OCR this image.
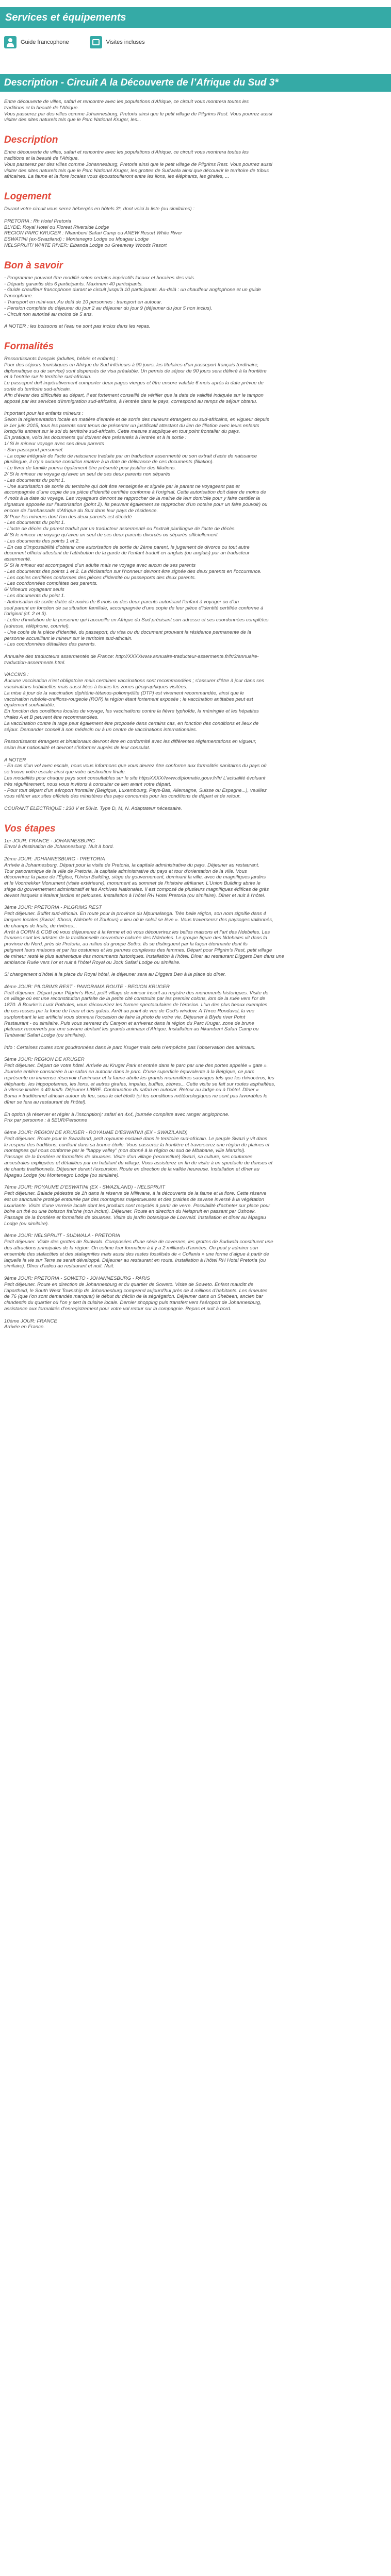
Services et équipements
Guide francophone	Visites incluses
Description - Circuit A la Découverte de l’Afrique du Sud 3*
Entre découverte de villes, safari et rencontre avec les populations d’Afrique, ce circuit vous montrera toutes les
traditions et la beauté de l’Afrique.
Vous passerez par des villes comme Johannesburg, Pretoria ainsi que le petit village de Pilgrims Rest. Vous pourrez aussi
visiter des sites naturels tels que le Parc National Kruger, les...
Description
Entre découverte de villes, safari et rencontre avec les populations d’Afrique, ce circuit vous montrera toutes les
traditions et la beauté de l’Afrique.
Vous passerez par des villes comme Johannesburg, Pretoria ainsi que le petit village de Pilgrims Rest. Vous pourrez aussi
visiter des sites naturels tels que le Parc National Kruger, les grottes de Sudwala ainsi que découvrir le territoire de tribus
africaines. La faune et la flore locales vous époustoufleront entre les lions, les éléphants, les girafes, ...
Logement
Durant votre circuit vous serez hébergés en hôtels 3*, dont voici la liste (ou similaires) :

PRETORIA : Rh Hotel Pretoria
BLYDE: Royal Hotel ou Floreat Riverside Lodge
REGION PARC KRUGER : Nkambeni Safari Camp ou ANEW Resort White River
ESWATINI (ex-Swaziland) : Montenegro Lodge ou Mpagau Lodge
NELSPRUIT/ WHITE RIVER: Elbanda Lodge ou Greenway Woods Resort
Bon à savoir
- Programme pouvant être modifié selon certains impératifs locaux et horaires des vols.
- Départs garantis dès 6 participants. Maximum 40 participants.
- Guide chauffeur francophone durant le circuit jusqu'à 10 participants. Au-delà : un chauffeur anglophone et un guide
francophone.
- Transport en mini-van. Au delà de 10 personnes : transport en autocar.
- Pension complète du déjeuner du jour 2 au déjeuner du jour 9 (déjeuner du jour 5 non inclus).
- Circuit non autorisé au moins de 5 ans.

A NOTER : les boissons et l'eau ne sont pas inclus dans les repas.
Formalités
Ressortissants français (adultes, bébés et enfants) :
Pour des séjours touristiques en Afrique du Sud inférieurs à 90 jours, les titulaires d’un passeport français (ordinaire,
diplomatique ou de service) sont dispensés de visa préalable. Un permis de séjour de 90 jours sera délivré à la frontière
et à l’entrée sur le territoire sud-africain.
Le passeport doit impérativement comporter deux pages vierges et être encore valable 6 mois après la date prévue de
sortie du territoire sud-africain.
Afin d’éviter des difficultés au départ, il est fortement conseillé de vérifier que la date de validité indiquée sur le tampon
apposé par les services d'immigration sud-africains, à l’entrée dans le pays, correspond au temps de séjour obtenu.

Important pour les enfants mineurs :
Selon la réglementation locale en matière d’entrée et de sortie des mineurs étrangers ou sud-africains, en vigueur depuis
le 1er juin 2015, tous les parents sont tenus de présenter un justificatif attestant du lien de filiation avec leurs enfants
lorsqu’ils entrent sur le sol du territoire sud-africain. Cette mesure s’applique en tout point frontalier du pays.
En pratique, voici les documents qui doivent être présentés à l’entrée et à la sortie :
1/ Si le mineur voyage avec ses deux parents
- Son passeport personnel.
- La copie intégrale de l’acte de naissance traduite par un traducteur assermenté ou son extrait d’acte de naissance
plurilingue, il n’y a aucune condition relative à la date de délivrance de ces documents (filiation).
- Le livret de famille pourra également être présenté pour justifier des filiations.
2/ Si le mineur ne voyage qu’avec un seul de ses deux parents non séparés
- Les documents du point 1.
- Une autorisation de sortie du territoire qui doit être renseignée et signée par le parent ne voyageant pas et
accompagnée d’une copie de sa pièce d’identité certifiée conforme à l’original. Cette autorisation doit dater de moins de
4 mois à la date du voyage. Les voyageurs devront se rapprocher de la mairie de leur domicile pour y faire certifier la
signature apposée sur l’autorisation (point 2). Ils peuvent également se rapprocher d’un notaire pour un faire pouvoir) ou
encore de l’ambassade d’Afrique du Sud dans leur pays de résidence.
3/ Pour les mineurs dont l’un des deux parents est décédé
- Les documents du point 1.
- L’acte de décès du parent traduit par un traducteur assermenté ou l’extrait plurilingue de l’acte de décès.
4/ Si le mineur ne voyage qu’avec un seul de ses deux parents divorcés ou séparés officiellement
- Les documents des points 1 et 2.
- En cas d’impossibilité d’obtenir une autorisation de sortie du 2ème parent, le jugement de divorce ou tout autre
document officiel attestant de l’attribution de la garde de l’enfant traduit en anglais (ou anglais) par un traducteur
assermenté.
5/ Si le mineur est accompagné d’un adulte mais ne voyage avec aucun de ses parents
- Les documents des points 1 et 2. La déclaration sur l’honneur devront être signée des deux parents en l’occurrence.
- Les copies certifiées conformes des pièces d’identité ou passeports des deux parents.
- Les coordonnées complètes des parents.
6/ Mineurs voyageant seuls
- Les documents du point 1.
- Autorisation de sortie datée de moins de 6 mois ou des deux parents autorisant l’enfant à voyager ou d’un
seul parent en fonction de sa situation familiale, accompagnée d’une copie de leur pièce d’identité certifiée conforme à
l’original (cf. 2 et 3).
- Lettre d’invitation de la personne qui l’accueille en Afrique du Sud précisant son adresse et ses coordonnées complètes
(adresse, téléphone, courriel).
- Une copie de la pièce d’identité, du passeport, du visa ou du document prouvant la résidence permanente de la
personne accueillant le mineur sur le territoire sud-africain.
- Les coordonnées détaillées des parents.

Annuaire des traducteurs assermentés de France: http://XXXXwww.annuaire-traducteur-assermente.fr/fr/3/annuaire-
traduction-assermente.html.

VACCINS :
Aucune vaccination n’est obligatoire mais certaines vaccinations sont recommandées ; s’assurer d’être à jour dans ses
vaccinations habituelles mais aussi liées à toutes les zones géographiques visitées.
La mise à jour de la vaccination diphtérie-tétanos-poliomyélite (DTP) est vivement recommandée, ainsi que le
vaccination rubéole-oreillons-rougeole (ROR) la région étant fortement exposée ; le vaccination antitabes peut est
également souhaitable.
En fonction des conditions locales de voyage, les vaccinations contre la fièvre typhoïde, la méningite et les hépatites
virales A et B peuvent être recommandées.
La vaccination contre la rage peut également être proposée dans certains cas, en fonction des conditions et lieux de
séjour. Demander conseil à son médecin ou à un centre de vaccinations internationales.

Ressortissants étrangers et binationaux devront être en conformité avec les différentes réglementations en vigueur,
selon leur nationalité et devront s’informer auprès de leur consulat.

A NOTER
- En cas d’un vol avec escale, nous vous informons que vous devrez être conforme aux formalités sanitaires du pays où
se trouve votre escale ainsi que votre destination finale.
Les modalités pour chaque pays sont consultables sur le site httpsXXXX//www.diplomatie.gouv.fr/fr/ L’actualité évoluant
très régulièrement, nous vous invitons à consulter ce lien avant votre départ.
- Pour tout départ d’un aéroport frontalier (Belgique, Luxembourg, Pays-Bas, Allemagne, Suisse ou Espagne...), veuillez
vous référer aux sites officiels des ministères des pays concernés pour les conditions de départ et de retour.

COURANT ELECTRIQUE : 230 V et 50Hz. Type D, M, N. Adaptateur nécessaire.
Vos étapes
1er JOUR: FRANCE - JOHANNESBURG
Envol à destination de Johannesburg. Nuit à bord.

2ème JOUR: JOHANNESBURG - PRETORIA
Arrivée à Johannesburg. Départ pour la visite de Pretoria, la capitale administrative du pays. Déjeuner au restaurant.
Tour panoramique de la ville de Pretoria, la capitale administrative du pays et tour d’orientation de la ville. Vous
découvrirez la place de l’Église, l’Union Building, siège du gouvernement, dominant la ville, avec de magnifiques jardins
et le Voortrekker Monument (visite extérieure), monument au sommet de l’histoire afrikaner. L’Union Building abrite le
siège du gouvernement administratif et les Archives Nationales. Il est composé de plusieurs magnifiques édifices de grès
devant lesquels s’étalent jardins et pelouses. Installation à l’hôtel RH Hotel Pretoria (ou similaire). Dîner et nuit à l’hôtel.

3ème JOUR: PRETORIA - PILGRIMS REST
Petit déjeuner. Buffet sud-africain. En route pour la province du Mpumalanga. Très belle région, son nom signifie dans 4
langues locales (Swazi, Xhosa, Ndebele et Zoulous) « lieu où le soleil se lève ». Vous traverserez des paysages vallonnés,
de champs de fruits, de rivières...
Arrêt à CORN & COB où vous déjeunerez à la ferme et où vous découvrirez les belles maisons et l’art des Ndebeles. Les
femmes sont les artistes de la traditionnelle couverture colorée des Ndebeles. Le groupe figure des Ndebeles vit dans la
province du Nord, près de Pretoria, au milieu du groupe Sotho. Ils se distinguent par la façon étonnante dont ils
peignent leurs maisons et par les costumes et les parures complexes des femmes. Départ pour Pilgrim’s Rest, petit village
de mineur resté le plus authentique des monuments historiques. Installation à l’hôtel. Dîner au restaurant Diggers Den dans une
ambiance Ruée vers l’or et nuit à l’hôtel Royal ou Jock Safari Lodge ou similaire.

Si changement d’hôtel à la place du Royal hôtel, le déjeuner sera au Diggers Den à la place du dîner.

4ème JOUR: PILGRIMS REST - PANORAMA ROUTE - REGION KRUGER
Petit déjeuner. Départ pour Pilgrim’s Rest, petit village de mineur inscrit au registre des monuments historiques. Visite de
ce village où est une reconstitution parfaite de la petite cité construite par les premier colons, lors de la ruée vers l’or de
1870. À Bourke’s Luck Potholes, vous découvrirez les formes spectaculaires de l’érosion. L’un des plus beaux exemples
de ces rosses par la force de l’eau et des galets. Arrêt au point de vue de God’s window. A Three Rondavel, la vue
surplombant le lac artificiel vous donnera l’occasion de faire la photo de votre vie. Déjeuner à Blyde river Point
Restaurant - ou similaire. Puis vous serrerez du Canyon et arriverez dans la région du Parc Kruger, zone de brune
plateaux recouverts par une savane abritant les grands animaux d’Afrique. Installation au Nkambeni Safari Camp ou
Timbavati Safari Lodge (ou similaire).

Info : Certaines routes sont goudronnées dans le parc Kruger mais cela n’empêche pas l’observation des animaux.

5ème JOUR: REGION DE KRUGER
Petit déjeuner. Départ de votre hôtel. Arrivée au Kruger Park et entrée dans le parc par une des portes appelée « gate ».
Journée entière consacrée à un safari en autocar dans le parc. D’une superficie équivalente à la Belgique, ce parc
représente un immense réservoir d’animaux et la faune abrite les grands mammifères sauvages tels que les rhinocéros, les
éléphants, les hippopotames, les lions, et autres girafes, impalas, buffles, zèbres... Cette visite se fait sur routes asphaltées,
à vitesse limitée à 40 km/h. Déjeuner LIBRE. Continuation du safari en autocar. Retour au lodge ou à l’hôtel. Dîner «
Boma » traditionnel africain autour du feu, sous le ciel étoilé (si les conditions météorologiques ne sont pas favorables le
dîner se fera au restaurant de l’hôtel).

En option (à réserver et régler à l’inscription): safari en 4x4, journée complète avec ranger anglophone.
Prix par personne : à 5EUR/Personne

6ème JOUR: REGION DE KRUGER - ROYAUME D’ESWATINI (EX - SWAZILAND)
Petit déjeuner. Route pour le Swaziland, petit royaume enclavé dans le territoire sud-africain. Le peuple Swazi y vit dans
le respect des traditions, confiant dans sa bonne étoile. Vous passerez la frontière et traverserez une région de plaines et
montagnes qui nous conforme par le "happy valley" (non donné à la région ou sud de Mbabane, ville Manzini).
Passage de la frontière et formalités de douanes. Visite d’un village (reconstitué) Swazi, sa culture, ses coutumes
ancestrales expliquées et détaillées par un habitant du village. Vous assisterez en fin de visite à un spectacle de danses et
de chants traditionnels. Déjeuner durant l’excursion. Route en direction de la vallée heureuse. Installation et dîner au
Mpagau Lodge (ou Montenegro Lodge (ou similaire).

7ème JOUR: ROYAUME D’ESWATINI (EX - SWAZILAND) - NELSPRUIT
Petit déjeuner. Balade pédestre de 1h dans la réserve de Mlilwane, à la découverte de la faune et la flore. Cette réserve
est un sanctuaire protégé entourée par des montagnes majestueuses et des prairies de savane inversé à la végétation
luxuriante. Visite d’une verrerie locale dont les produits sont recyclés à partir de verre. Possibilité d’acheter sur place pour
boire un thé ou une boisson fraîche (non inclus). Déjeuner. Route en direction du Nelspruit en passant par Oshoek.
Passage de la frontière et formalités de douanes. Visite du jardin botanique de Lowveld. Installation et dîner au Mpagau
Lodge (ou similaire).

8ème JOUR: NELSPRUIT - SUDWALA - PRETORIA
Petit déjeuner. Visite des grottes de Sudwala. Composées d’une série de cavernes, les grottes de Sudwala constituent une
des attractions principales de la région. On estime leur formation à il y a 2 milliards d’années. On peut y admirer son
ensemble des stalactites et des stalagmites mais aussi des restes fossilisés de « Collania » une forme d’algue à partir de
laquelle la vie sur Terre se serait développé. Déjeuner au restaurant en route. Installation à l’hôtel RH Hotel Pretoria (ou
similaire). Dîner d’adieu au restaurant et nuit. Nuit.

9ème JOUR: PRETORIA - SOWETO - JOHANNESBURG - PARIS
Petit déjeuner. Route en direction de Johannesburg et du quartier de Soweto. Visite de Soweto. Enfant mauditt de
l’apartheid, le South West Township de Johannesburg comprend aujourd’hui près de 4 millions d’habitants. Les émeutes
de 76 (que l’on sont demandés manquer) le début du déclin de la ségrégation. Déjeuner dans un Shebeen, ancien bar
clandestin du quartier où l’on y sert la cuisine locale. Dernier shopping puis transfert vers l’aéroport de Johannesburg,
assistance aux formalités d’enregistrement pour votre vol retour sur la compagnie. Repas et nuit à bord.

10ème JOUR: FRANCE
Arrivée en France.
